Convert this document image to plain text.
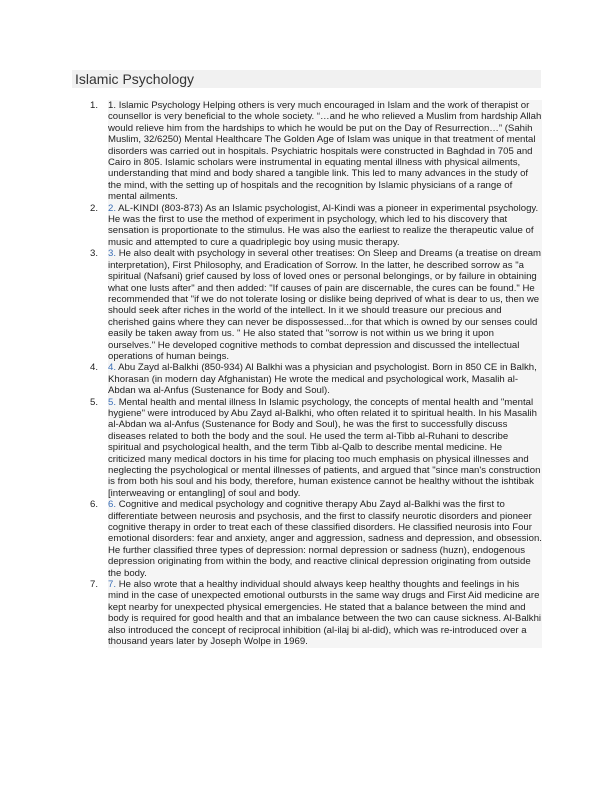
Islamic Psychology
1. 1. Islamic Psychology Helping others is very much encouraged in Islam and the work of therapist or counsellor is very beneficial to the whole society. “…and he who relieved a Muslim from hardship Allah would relieve him from the hardships to which he would be put on the Day of Resurrection…” (Sahih Muslim, 32/6250) Mental Healthcare The Golden Age of Islam was unique in that treatment of mental disorders was carried out in hospitals. Psychiatric hospitals were constructed in Baghdad in 705 and Cairo in 805. Islamic scholars were instrumental in equating mental illness with physical ailments, understanding that mind and body shared a tangible link. This led to many advances in the study of the mind, with the setting up of hospitals and the recognition by Islamic physicians of a range of mental ailments.
2. 2. AL-KINDI (803-873) As an Islamic psychologist, Al-Kindi was a pioneer in experimental psychology. He was the first to use the method of experiment in psychology, which led to his discovery that sensation is proportionate to the stimulus. He was also the earliest to realize the therapeutic value of music and attempted to cure a quadriplegic boy using music therapy.
3. 3. He also dealt with psychology in several other treatises: On Sleep and Dreams (a treatise on dream interpretation), First Philosophy, and Eradication of Sorrow. In the latter, he described sorrow as "a spiritual (Nafsani) grief caused by loss of loved ones or personal belongings, or by failure in obtaining what one lusts after" and then added: "If causes of pain are discernable, the cures can be found." He recommended that "if we do not tolerate losing or dislike being deprived of what is dear to us, then we should seek after riches in the world of the intellect. In it we should treasure our precious and cherished gains where they can never be dispossessed...for that which is owned by our senses could easily be taken away from us. " He also stated that "sorrow is not within us we bring it upon ourselves." He developed cognitive methods to combat depression and discussed the intellectual operations of human beings.
4. 4. Abu Zayd al-Balkhi (850-934) Al Balkhi was a physician and psychologist. Born in 850 CE in Balkh, Khorasan (in modern day Afghanistan) He wrote the medical and psychological work, Masalih al-Abdan wa al-Anfus (Sustenance for Body and Soul).
5. 5. Mental health and mental illness In Islamic psychology, the concepts of mental health and "mental hygiene" were introduced by Abu Zayd al-Balkhi, who often related it to spiritual health. In his Masalih al-Abdan wa al-Anfus (Sustenance for Body and Soul), he was the first to successfully discuss diseases related to both the body and the soul. He used the term al-Tibb al-Ruhani to describe spiritual and psychological health, and the term Tibb al-Qalb to describe mental medicine. He criticized many medical doctors in his time for placing too much emphasis on physical illnesses and neglecting the psychological or mental illnesses of patients, and argued that "since man's construction is from both his soul and his body, therefore, human existence cannot be healthy without the ishtibak [interweaving or entangling] of soul and body.
6. 6. Cognitive and medical psychology and cognitive therapy Abu Zayd al-Balkhi was the first to differentiate between neurosis and psychosis, and the first to classify neurotic disorders and pioneer cognitive therapy in order to treat each of these classified disorders. He classified neurosis into Four emotional disorders: fear and anxiety, anger and aggression, sadness and depression, and obsession. He further classified three types of depression: normal depression or sadness (huzn), endogenous depression originating from within the body, and reactive clinical depression originating from outside the body.
7. 7. He also wrote that a healthy individual should always keep healthy thoughts and feelings in his mind in the case of unexpected emotional outbursts in the same way drugs and First Aid medicine are kept nearby for unexpected physical emergencies. He stated that a balance between the mind and body is required for good health and that an imbalance between the two can cause sickness. Al-Balkhi also introduced the concept of reciprocal inhibition (al-ilaj bi al-did), which was re-introduced over a thousand years later by Joseph Wolpe in 1969.
